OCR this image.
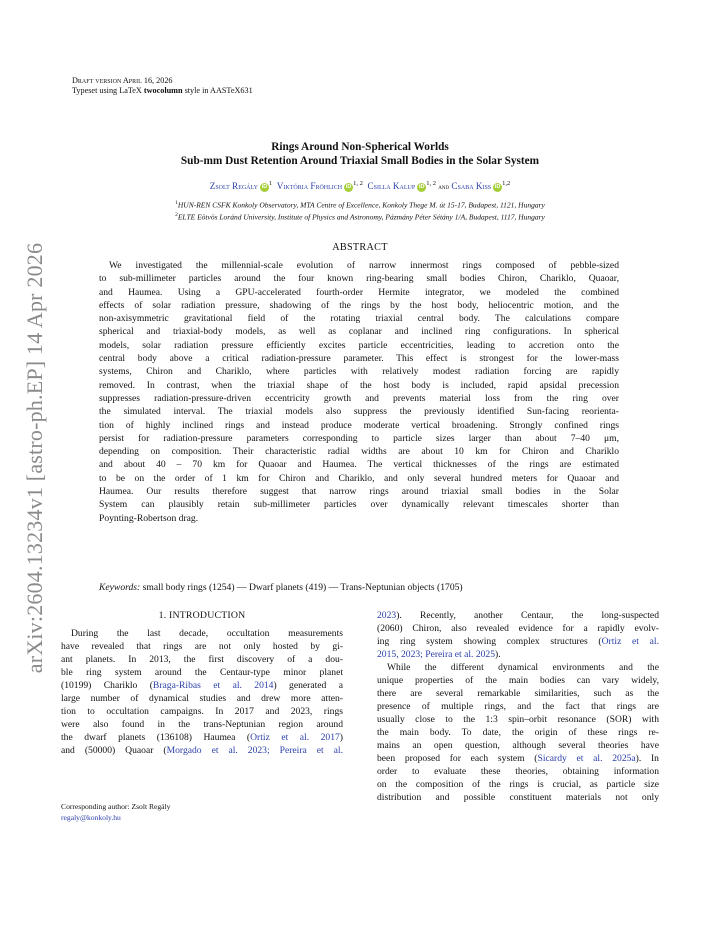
arXiv:2604.13234v1 [astro-ph.EP] 14 Apr 2026
Draft version April 16, 2026
Typeset using LaTeX twocolumn style in AASTeX631
Rings Around Non-Spherical Worlds
Sub-mm Dust Retention Around Triaxial Small Bodies in the Solar System
Zsolt Regály iD $^1$ Viktória Fröhlich iD $^{1, 2}$ Csilla Kalup iD $^{1, 2}$ and Csaba Kiss iD $^{1,2}$
$^1$HUN-REN CSFK Konkoly Observatory, MTA Centre of Excellence, Konkoly Thege M. út 15-17, Budapest, 1121, Hungary
$^2$ELTE Eötvös Loránd University, Institute of Physics and Astronomy, Pázmány Péter Sétány 1/A, Budapest, 1117, Hungary
ABSTRACT
We investigated the millennial-scale evolution of narrow innermost rings composed of pebble-sized
to sub-millimeter particles around the four known ring-bearing small bodies Chiron, Chariklo, Quaoar,
and Haumea. Using a GPU-accelerated fourth-order Hermite integrator, we modeled the combined
effects of solar radiation pressure, shadowing of the rings by the host body, heliocentric motion, and the
non-axisymmetric gravitational field of the rotating triaxial central body. The calculations compare
spherical and triaxial-body models, as well as coplanar and inclined ring configurations. In spherical
models, solar radiation pressure efficiently excites particle eccentricities, leading to accretion onto the
central body above a critical radiation-pressure parameter. This effect is strongest for the lower-mass
systems, Chiron and Chariklo, where particles with relatively modest radiation forcing are rapidly
removed. In contrast, when the triaxial shape of the host body is included, rapid apsidal precession
suppresses radiation-pressure-driven eccentricity growth and prevents material loss from the ring over
the simulated interval. The triaxial models also suppress the previously identified Sun-facing reorienta-
tion of highly inclined rings and instead produce moderate vertical broadening. Strongly confined rings
persist for radiation-pressure parameters corresponding to particle sizes larger than about 7–40 μm,
depending on composition. Their characteristic radial widths are about 10 km for Chiron and Chariklo
and about 40 – 70 km for Quaoar and Haumea. The vertical thicknesses of the rings are estimated
to be on the order of 1 km for Chiron and Chariklo, and only several hundred meters for Quaoar and
Haumea. Our results therefore suggest that narrow rings around triaxial small bodies in the Solar
System can plausibly retain sub-millimeter particles over dynamically relevant timescales shorter than
Poynting-Robertson drag.
Keywords: small body rings (1254) — Dwarf planets (419) — Trans-Neptunian objects (1705)
1. INTRODUCTION
During the last decade, occultation measurements
have revealed that rings are not only hosted by gi-
ant planets. In 2013, the first discovery of a dou-
ble ring system around the Centaur-type minor planet
(10199) Chariklo (Braga-Ribas et al. 2014) generated a
large number of dynamical studies and drew more atten-
tion to occultation campaigns. In 2017 and 2023, rings
were also found in the trans-Neptunian region around
the dwarf planets (136108) Haumea (Ortiz et al. 2017)
and (50000) Quaoar (Morgado et al. 2023; Pereira et al.
2023). Recently, another Centaur, the long-suspected
(2060) Chiron, also revealed evidence for a rapidly evolv-
ing ring system showing complex structures (Ortiz et al.
2015, 2023; Pereira et al. 2025).
While the different dynamical environments and the
unique properties of the main bodies can vary widely,
there are several remarkable similarities, such as the
presence of multiple rings, and the fact that rings are
usually close to the 1:3 spin–orbit resonance (SOR) with
the main body. To date, the origin of these rings re-
mains an open question, although several theories have
been proposed for each system (Sicardy et al. 2025a). In
order to evaluate these theories, obtaining information
on the composition of the rings is crucial, as particle size
distribution and possible constituent materials not only
Corresponding author: Zsolt Regály
regaly@konkoly.hu
